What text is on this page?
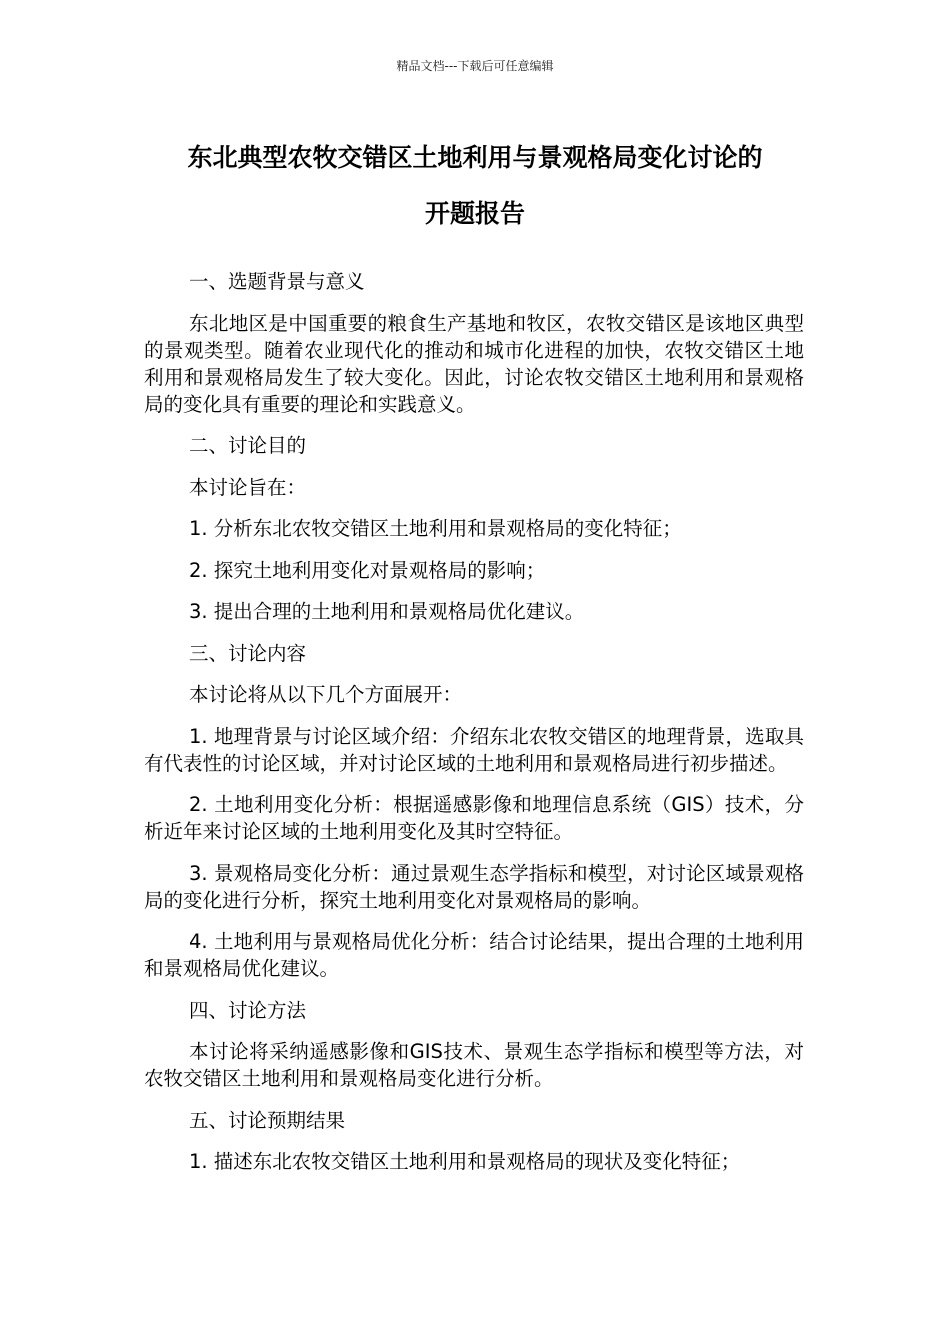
精品文档---下载后可任意编辑
东北典型农牧交错区土地利用与景观格局变化讨论的
开题报告

一、选题背景与意义

东北地区是中国重要的粮食生产基地和牧区，农牧交错区是该地区典型的景观类型。随着农业现代化的推动和城市化进程的加快，农牧交错区土地利用和景观格局发生了较大变化。因此，讨论农牧交错区土地利用和景观格局的变化具有重要的理论和实践意义。

二、讨论目的

本讨论旨在：

1. 分析东北农牧交错区土地利用和景观格局的变化特征；

2. 探究土地利用变化对景观格局的影响；

3. 提出合理的土地利用和景观格局优化建议。

三、讨论内容

本讨论将从以下几个方面展开：

1. 地理背景与讨论区域介绍：介绍东北农牧交错区的地理背景，选取具有代表性的讨论区域，并对讨论区域的土地利用和景观格局进行初步描述。

2. 土地利用变化分析：根据遥感影像和地理信息系统（GIS）技术，分析近年来讨论区域的土地利用变化及其时空特征。

3. 景观格局变化分析：通过景观生态学指标和模型，对讨论区域景观格局的变化进行分析，探究土地利用变化对景观格局的影响。

4. 土地利用与景观格局优化分析：结合讨论结果，提出合理的土地利用和景观格局优化建议。

四、讨论方法

本讨论将采纳遥感影像和GIS技术、景观生态学指标和模型等方法，对农牧交错区土地利用和景观格局变化进行分析。

五、讨论预期结果

1. 描述东北农牧交错区土地利用和景观格局的现状及变化特征；
